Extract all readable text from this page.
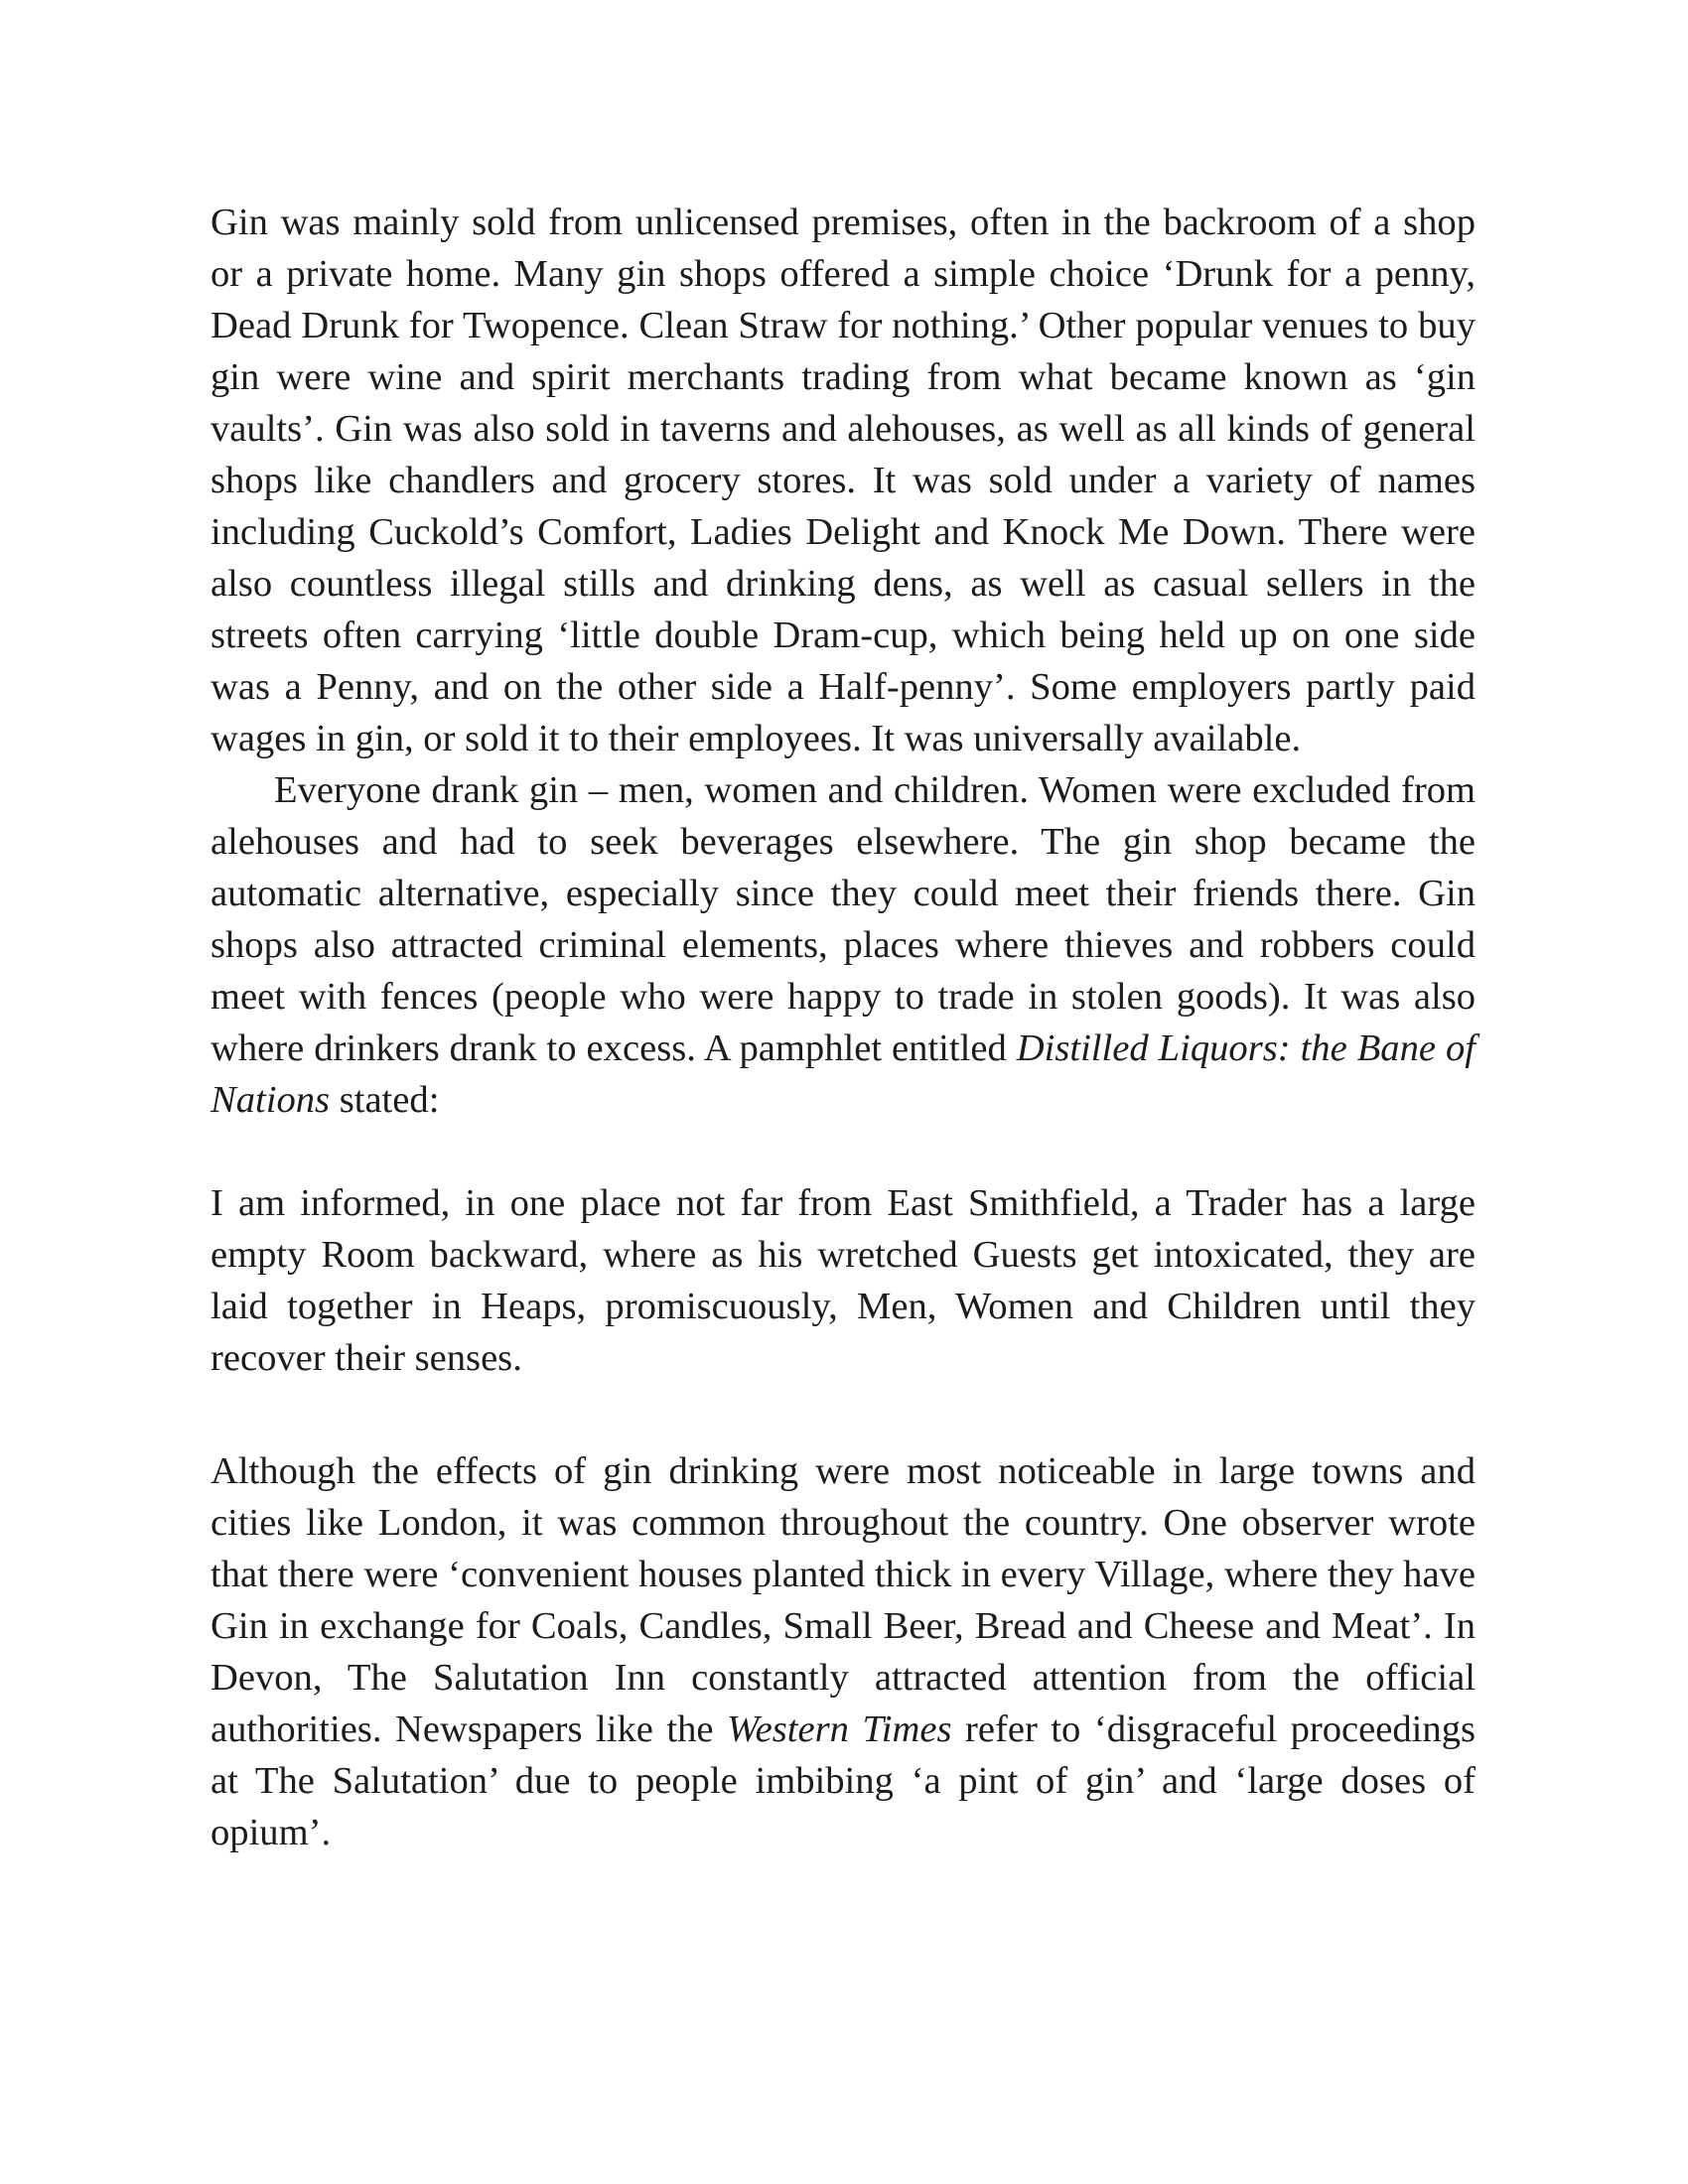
Gin was mainly sold from unlicensed premises, often in the backroom of a shop or a private home. Many gin shops offered a simple choice ‘Drunk for a penny, Dead Drunk for Twopence. Clean Straw for nothing.’ Other popular venues to buy gin were wine and spirit merchants trading from what became known as ‘gin vaults’. Gin was also sold in taverns and alehouses, as well as all kinds of general shops like chandlers and grocery stores. It was sold under a variety of names including Cuckold’s Comfort, Ladies Delight and Knock Me Down. There were also countless illegal stills and drinking dens, as well as casual sellers in the streets often carrying ‘little double Dram-cup, which being held up on one side was a Penny, and on the other side a Half-penny’. Some employers partly paid wages in gin, or sold it to their employees. It was universally available.

Everyone drank gin – men, women and children. Women were excluded from alehouses and had to seek beverages elsewhere. The gin shop became the automatic alternative, especially since they could meet their friends there. Gin shops also attracted criminal elements, places where thieves and robbers could meet with fences (people who were happy to trade in stolen goods). It was also where drinkers drank to excess. A pamphlet entitled Distilled Liquors: the Bane of Nations stated:

I am informed, in one place not far from East Smithfield, a Trader has a large empty Room backward, where as his wretched Guests get intoxicated, they are laid together in Heaps, promiscuously, Men, Women and Children until they recover their senses.

Although the effects of gin drinking were most noticeable in large towns and cities like London, it was common throughout the country. One observer wrote that there were ‘convenient houses planted thick in every Village, where they have Gin in exchange for Coals, Candles, Small Beer, Bread and Cheese and Meat’. In Devon, The Salutation Inn constantly attracted attention from the official authorities. Newspapers like the Western Times refer to ‘disgraceful proceedings at The Salutation’ due to people imbibing ‘a pint of gin’ and ‘large doses of opium’.
